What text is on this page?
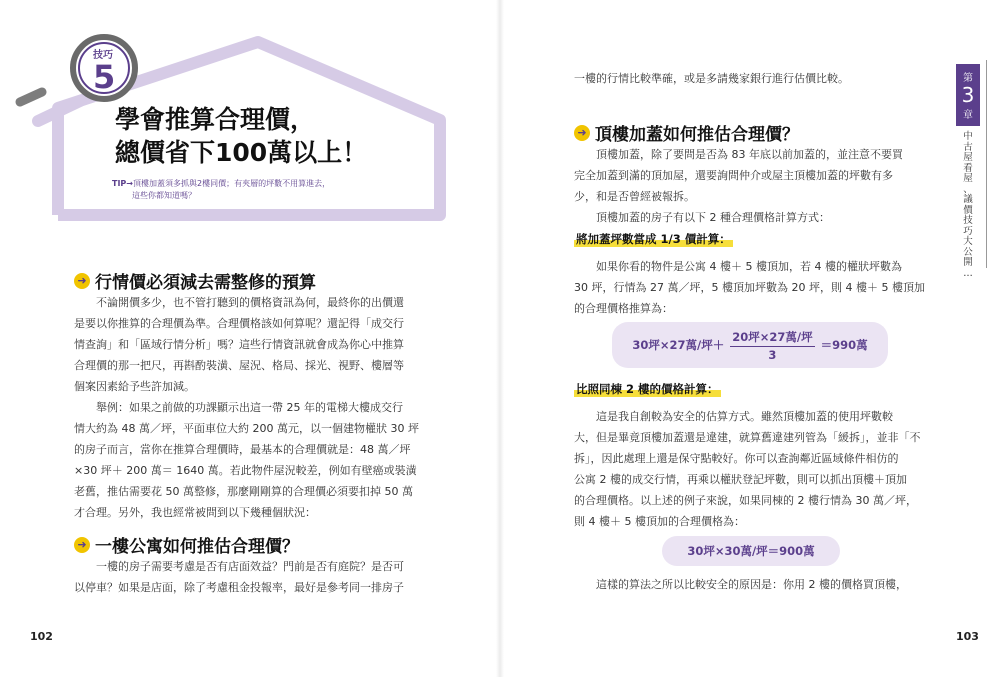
技巧
5
學會推算合理價，
總價省下100萬以上！
TIP→頂樓加蓋須多抓與2樓同價；有夾層的坪數不用算進去，
這些你都知道嗎？
➜ 行情價必須減去需整修的預算
不論開價多少，也不管打聽到的價格資訊為何，最終你的出價還
是要以你推算的合理價為準。合理價格該如何算呢？還記得「成交行
情查詢」和「區域行情分析」嗎？這些行情資訊就會成為你心中推算
合理價的那一把尺，再斟酌裝潢、屋況、格局、採光、視野、樓層等
個案因素給予些許加減。
舉例：如果之前做的功課顯示出這一帶 25 年的電梯大樓成交行
情大約為 48 萬／坪，平面車位大約 200 萬元，以一個建物權狀 30 坪
的房子而言，當你在推算合理價時，最基本的合理價就是：48 萬／坪
×30 坪＋ 200 萬＝ 1640 萬。若此物件屋況較差，例如有壁癌或裝潢
老舊，推估需要花 50 萬整修，那麼剛剛算的合理價必須要扣掉 50 萬
才合理。另外，我也經常被問到以下幾種個狀況：
➜ 一樓公寓如何推估合理價？
一樓的房子需要考慮是否有店面效益？門前是否有庭院？是否可
以停車？如果是店面，除了考慮租金投報率，最好是參考同一排房子
102
一樓的行情比較準確，或是多請幾家銀行進行估價比較。
➜ 頂樓加蓋如何推估合理價？
頂樓加蓋，除了要問是否為 83 年底以前加蓋的，並注意不要買
完全加蓋到滿的頂加屋，還要詢問仲介或屋主頂樓加蓋的坪數有多
少，和是否曾經被報拆。
頂樓加蓋的房子有以下 2 種合理價格計算方式：
將加蓋坪數當成 1/3 價計算：
如果你看的物件是公寓 4 樓＋ 5 樓頂加，若 4 樓的權狀坪數為
30 坪，行情為 27 萬／坪，5 樓頂加坪數為 20 坪，則 4 樓＋ 5 樓頂加
的合理價格推算為：
30坪×27萬/坪＋ $\frac{\text{20坪×27萬/坪}}{3} =990$萬
比照同棟 2 樓的價格計算：
這是我自創較為安全的估算方式。雖然頂樓加蓋的使用坪數較
大，但是畢竟頂樓加蓋還是違建，就算舊違建列管為「緩拆」，並非「不
拆」，因此處理上還是保守點較好。你可以查詢鄰近區域條件相仿的
公寓 2 樓的成交行情，再乘以權狀登記坪數，則可以抓出頂樓＋頂加
的合理價格。以上述的例子來說，如果同棟的 2 樓行情為 30 萬／坪，
則 4 樓＋ 5 樓頂加的合理價格為：
30坪×30萬/坪＝900萬
這樣的算法之所以比較安全的原因是：你用 2 樓的價格買頂樓，
103
第
3
章
中
古
屋
看
屋
、
議
價
技
巧
大
公
開
…
